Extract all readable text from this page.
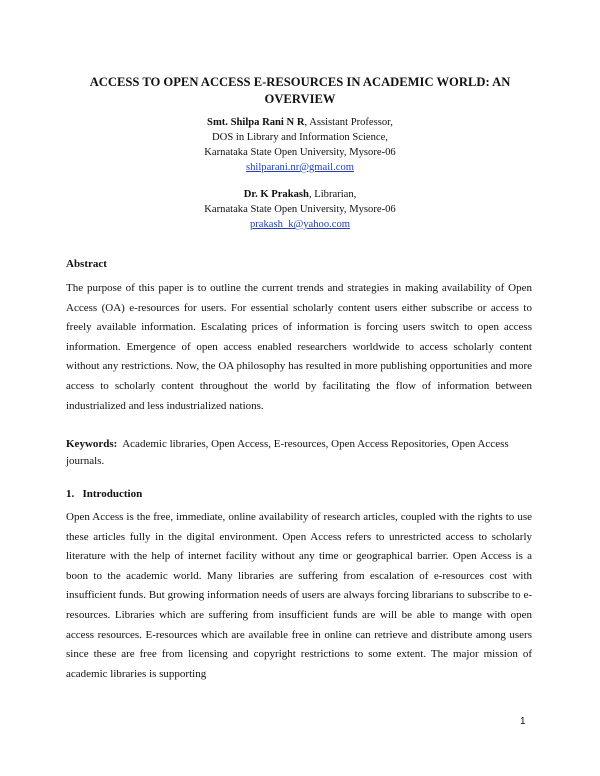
ACCESS TO OPEN ACCESS E-RESOURCES IN ACADEMIC WORLD: AN OVERVIEW
Smt. Shilpa Rani N R, Assistant Professor,
DOS in Library and Information Science,
Karnataka State Open University, Mysore-06
shilparani.nr@gmail.com
Dr. K Prakash, Librarian,
Karnataka State Open University, Mysore-06
prakash_k@yahoo.com
Abstract
The purpose of this paper is to outline the current trends and strategies in making availability of Open Access (OA) e-resources for users. For essential scholarly content users either subscribe or access to freely available information. Escalating prices of information is forcing users switch to open access information. Emergence of open access enabled researchers worldwide to access scholarly content without any restrictions. Now, the OA philosophy has resulted in more publishing opportunities and more access to scholarly content throughout the world by facilitating the flow of information between industrialized and less industrialized nations.
Keywords: Academic libraries, Open Access, E-resources, Open Access Repositories, Open Access journals.
1.   Introduction
Open Access is the free, immediate, online availability of research articles, coupled with the rights to use these articles fully in the digital environment. Open Access refers to unrestricted access to scholarly literature with the help of internet facility without any time or geographical barrier. Open Access is a boon to the academic world. Many libraries are suffering from escalation of e-resources cost with insufficient funds. But growing information needs of users are always forcing librarians to subscribe to e-resources. Libraries which are suffering from insufficient funds are will be able to mange with open access resources. E-resources which are available free in online can retrieve and distribute among users since these are free from licensing and copyright restrictions to some extent. The major mission of academic libraries is supporting
1
